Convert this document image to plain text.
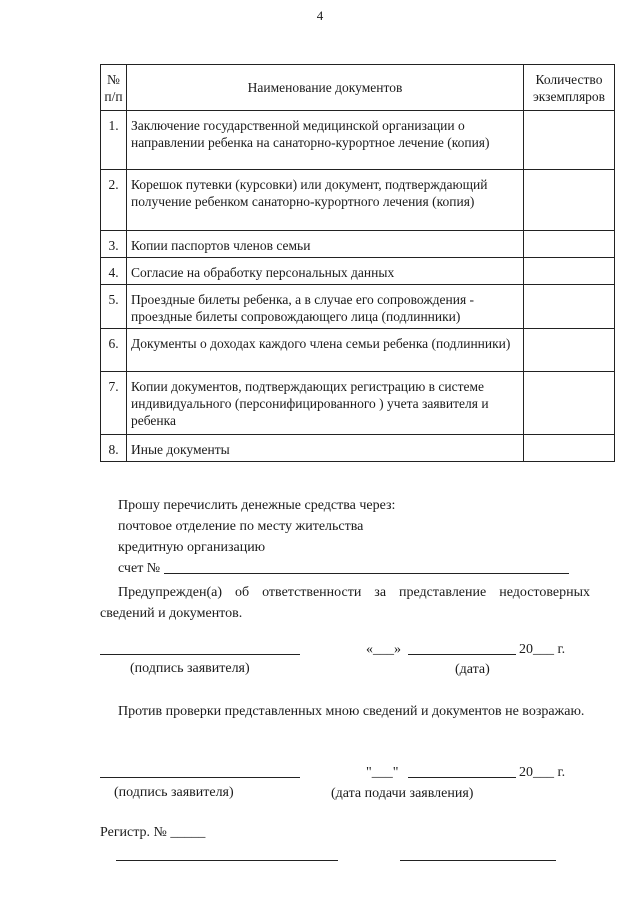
4
№ п/п	Наименование документов	Количество экземпляров

1.	Заключение государственной медицинской организации о направлении ребенка на санаторно-курортное лечение (копия)	

2.	Корешок путевки (курсовки) или документ, подтверждающий получение ребенком санаторно-курортного лечения (копия)	

3.	Копии паспортов членов семьи	

4.	Согласие на обработку персональных данных	

5.	Проездные билеты ребенка, а в случае его сопровождения - проездные билеты сопровождающего лица (подлинники)	

6.	Документы о доходах каждого члена семьи ребенка (подлинники)	

7.	Копии документов, подтверждающих регистрацию в системе индивидуального (персонифицированного ) учета заявителя и ребенка	

8.	Иные документы	

Прошу перечислить денежные средства через:
почтовое отделение по месту жительства
кредитную организацию
счет №
Предупрежден(а) об ответственности за представление недостоверных сведений и документов.
«___»	20___ г.
(подпись заявителя)	(дата)
Против проверки представленных мною сведений и документов не возражаю.
"___"	20___ г.
(подпись заявителя)	(дата подачи заявления)
Регистр. № _____
